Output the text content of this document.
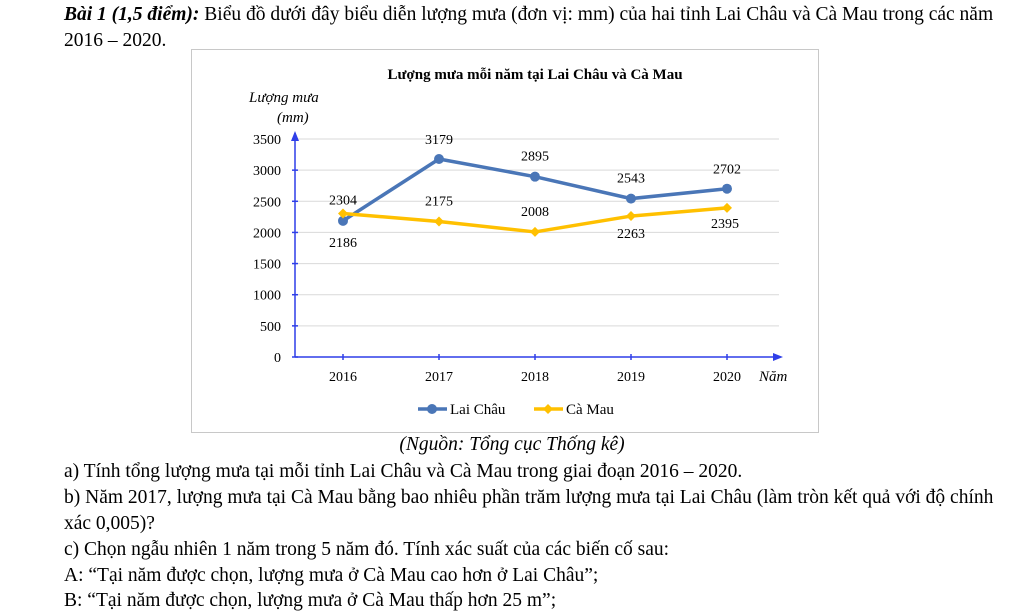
Bài 1 (1,5 điểm): Biểu đồ dưới đây biểu diễn lượng mưa (đơn vị: mm) của hai tỉnh Lai Châu và Cà Mau trong các năm 2016 – 2020.

Lượng mưa mỗi năm tại Lai Châu và Cà Mau
Lượng mưa
(mm)
Năm
0
500
1000
1500
2000
2500
3000
3500
2016	2017	2018	2019	2020
2186
3179
2895
2543
2702
2304	2175
2008
2263
2395
Lai Châu	Cà Mau
(Nguồn: Tổng cục Thống kê)

a) Tính tổng lượng mưa tại mỗi tỉnh Lai Châu và Cà Mau trong giai đoạn 2016 – 2020.

b) Năm 2017, lượng mưa tại Cà Mau bằng bao nhiêu phần trăm lượng mưa tại Lai Châu (làm tròn kết quả với độ chính xác 0,005)?

c) Chọn ngẫu nhiên 1 năm trong 5 năm đó. Tính xác suất của các biến cố sau:

A: “Tại năm được chọn, lượng mưa ở Cà Mau cao hơn ở Lai Châu”;

B: “Tại năm được chọn, lượng mưa ở Cà Mau thấp hơn 25 m”;
